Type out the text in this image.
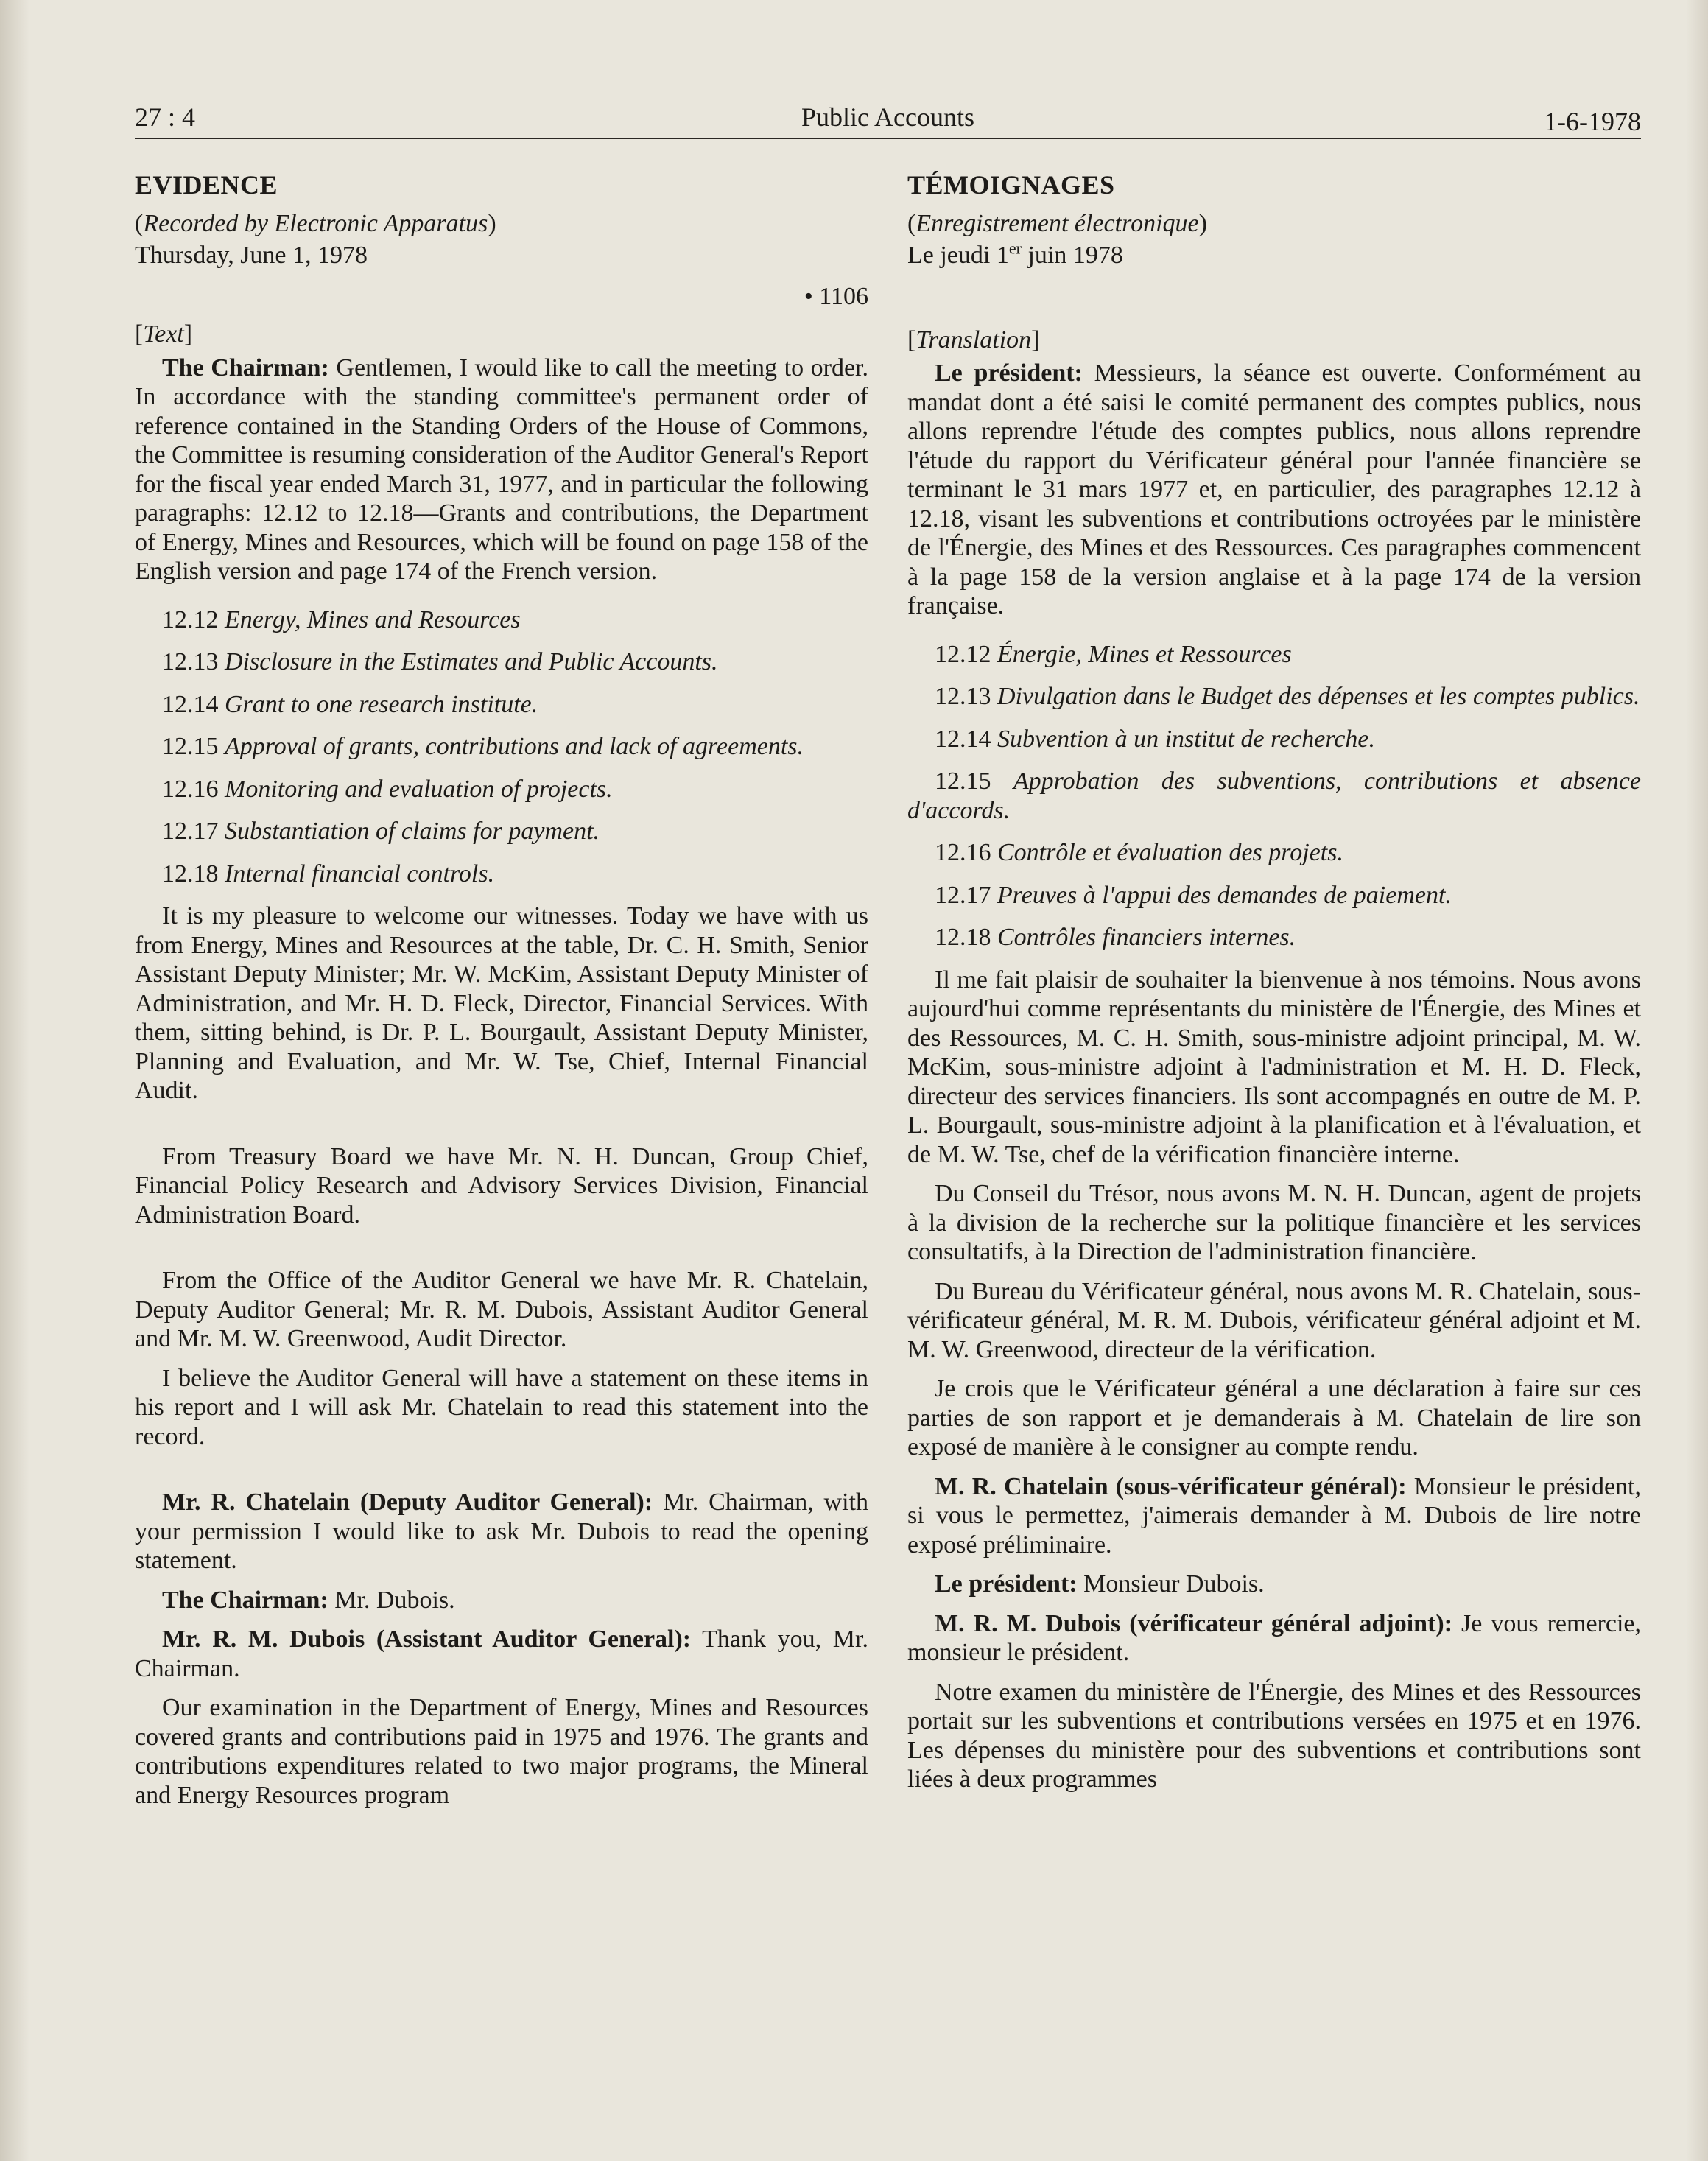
27 : 4	Public Accounts	1-6-1978
EVIDENCE
(Recorded by Electronic Apparatus)
Thursday, June 1, 1978
• 1106
[Text]

The Chairman: Gentlemen, I would like to call the meeting to order. In accordance with the standing committee's permanent order of reference contained in the Standing Orders of the House of Commons, the Committee is resuming consideration of the Auditor General's Report for the fiscal year ended March 31, 1977, and in particular the following paragraphs: 12.12 to 12.18—Grants and contributions, the Department of Energy, Mines and Resources, which will be found on page 158 of the English version and page 174 of the French version.

12.12 Energy, Mines and Resources
12.13 Disclosure in the Estimates and Public Accounts.
12.14 Grant to one research institute.
12.15 Approval of grants, contributions and lack of agreements.
12.16 Monitoring and evaluation of projects.
12.17 Substantiation of claims for payment.
12.18 Internal financial controls.

It is my pleasure to welcome our witnesses. Today we have with us from Energy, Mines and Resources at the table, Dr. C. H. Smith, Senior Assistant Deputy Minister; Mr. W. McKim, Assistant Deputy Minister of Administration, and Mr. H. D. Fleck, Director, Financial Services. With them, sitting behind, is Dr. P. L. Bourgault, Assistant Deputy Minister, Planning and Evaluation, and Mr. W. Tse, Chief, Internal Financial Audit.

From Treasury Board we have Mr. N. H. Duncan, Group Chief, Financial Policy Research and Advisory Services Division, Financial Administration Board.

From the Office of the Auditor General we have Mr. R. Chatelain, Deputy Auditor General; Mr. R. M. Dubois, Assistant Auditor General and Mr. M. W. Greenwood, Audit Director.

I believe the Auditor General will have a statement on these items in his report and I will ask Mr. Chatelain to read this statement into the record.

Mr. R. Chatelain (Deputy Auditor General): Mr. Chairman, with your permission I would like to ask Mr. Dubois to read the opening statement.

The Chairman: Mr. Dubois.

Mr. R. M. Dubois (Assistant Auditor General): Thank you, Mr. Chairman.

Our examination in the Department of Energy, Mines and Resources covered grants and contributions paid in 1975 and 1976. The grants and contributions expenditures related to two major programs, the Mineral and Energy Resources program

TÉMOIGNAGES
(Enregistrement électronique)
Le jeudi 1er juin 1978
[Translation]

Le président: Messieurs, la séance est ouverte. Conformément au mandat dont a été saisi le comité permanent des comptes publics, nous allons reprendre l'étude des comptes publics, nous allons reprendre l'étude du rapport du Vérificateur général pour l'année financière se terminant le 31 mars 1977 et, en particulier, des paragraphes 12.12 à 12.18, visant les subventions et contributions octroyées par le ministère de l'Énergie, des Mines et des Ressources. Ces paragraphes commencent à la page 158 de la version anglaise et à la page 174 de la version française.

12.12 Énergie, Mines et Ressources
12.13 Divulgation dans le Budget des dépenses et les comptes publics.
12.14 Subvention à un institut de recherche.
12.15 Approbation des subventions, contributions et absence d'accords.
12.16 Contrôle et évaluation des projets.
12.17 Preuves à l'appui des demandes de paiement.
12.18 Contrôles financiers internes.

Il me fait plaisir de souhaiter la bienvenue à nos témoins. Nous avons aujourd'hui comme représentants du ministère de l'Énergie, des Mines et des Ressources, M. C. H. Smith, sous-ministre adjoint principal, M. W. McKim, sous-ministre adjoint à l'administration et M. H. D. Fleck, directeur des services financiers. Ils sont accompagnés en outre de M. P. L. Bourgault, sous-ministre adjoint à la planification et à l'évaluation, et de M. W. Tse, chef de la vérification financière interne.

Du Conseil du Trésor, nous avons M. N. H. Duncan, agent de projets à la division de la recherche sur la politique financière et les services consultatifs, à la Direction de l'administration financière.

Du Bureau du Vérificateur général, nous avons M. R. Chatelain, sous-vérificateur général, M. R. M. Dubois, vérificateur général adjoint et M. M. W. Greenwood, directeur de la vérification.

Je crois que le Vérificateur général a une déclaration à faire sur ces parties de son rapport et je demanderais à M. Chatelain de lire son exposé de manière à le consigner au compte rendu.

M. R. Chatelain (sous-vérificateur général): Monsieur le président, si vous le permettez, j'aimerais demander à M. Dubois de lire notre exposé préliminaire.

Le président: Monsieur Dubois.

M. R. M. Dubois (vérificateur général adjoint): Je vous remercie, monsieur le président.

Notre examen du ministère de l'Énergie, des Mines et des Ressources portait sur les subventions et contributions versées en 1975 et en 1976. Les dépenses du ministère pour des subventions et contributions sont liées à deux programmes
